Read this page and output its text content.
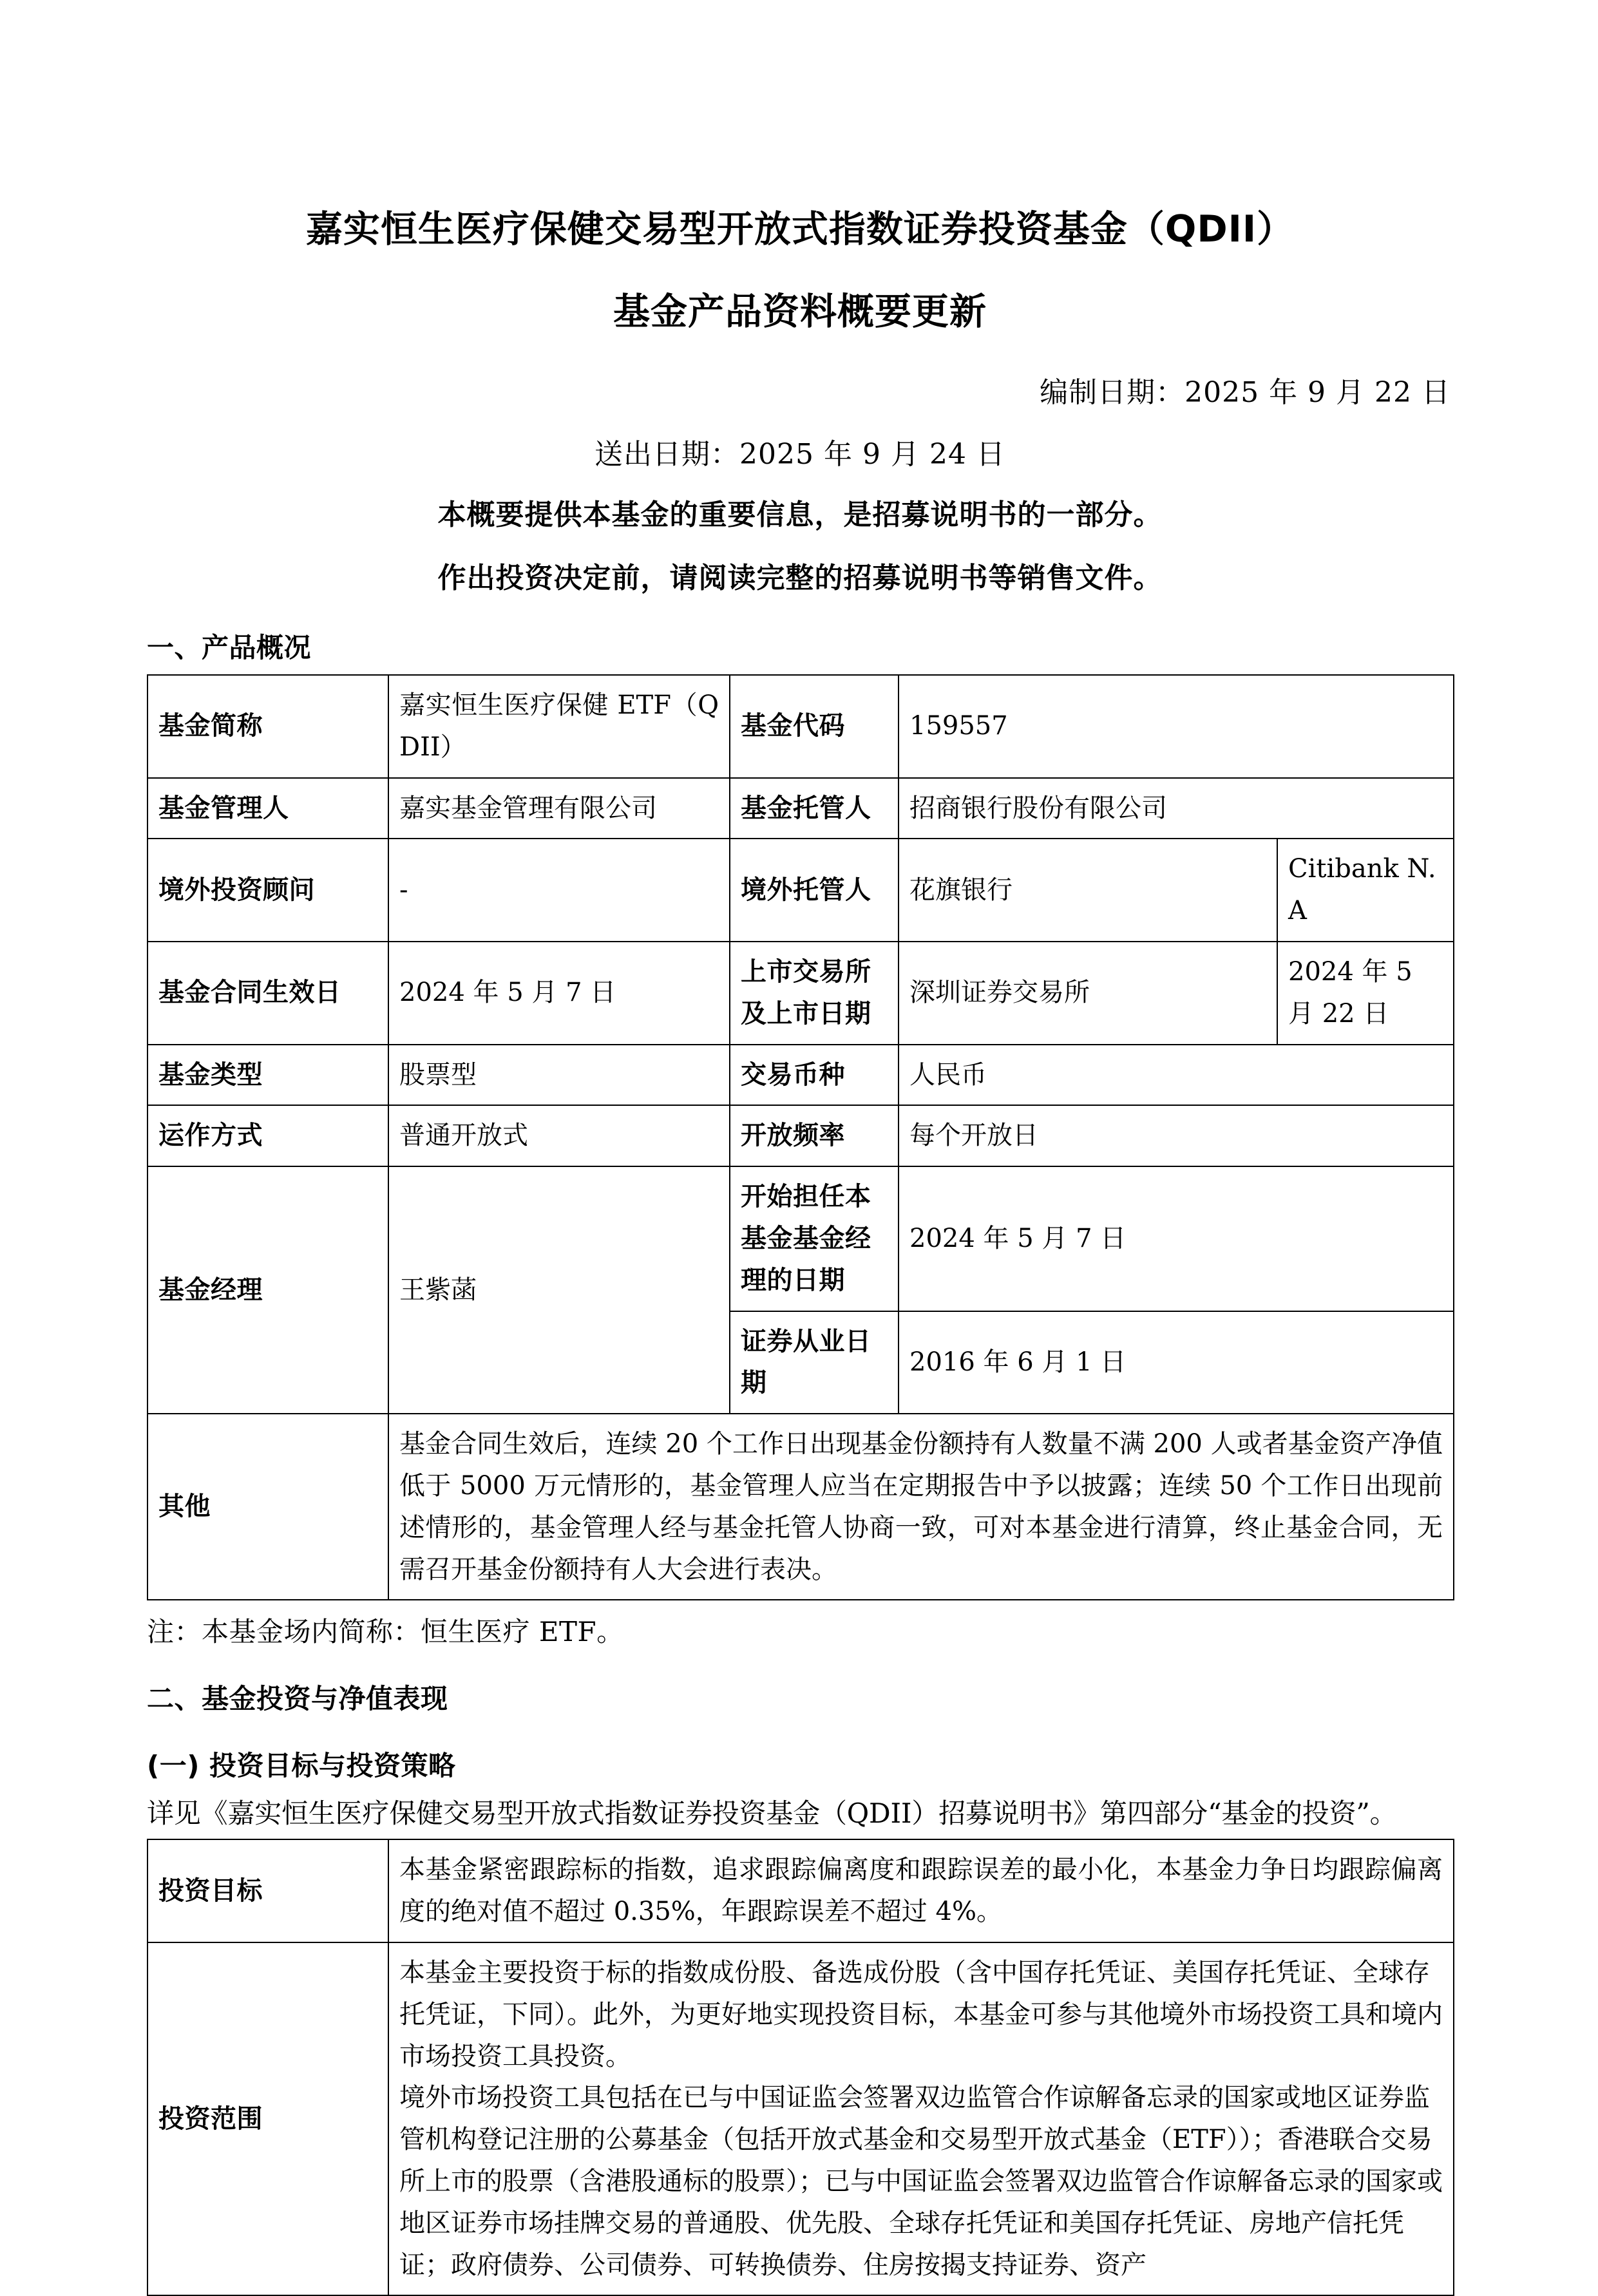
嘉实恒生医疗保健交易型开放式指数证券投资基金（QDII）
基金产品资料概要更新
编制日期：2025 年 9 月 22 日
送出日期：2025 年 9 月 24 日
本概要提供本基金的重要信息，是招募说明书的一部分。
作出投资决定前，请阅读完整的招募说明书等销售文件。
一、产品概况
基金简称	嘉实恒生医疗保健 ETF（QDII）	基金代码	159557	
基金管理人	嘉实基金管理有限公司	基金托管人	招商银行股份有限公司	
境外投资顾问	-	境外托管人	花旗银行	Citibank N.A
基金合同生效日	2024 年 5 月 7 日	上市交易所及上市日期	深圳证券交易所	2024 年 5 月 22 日
基金类型	股票型	交易币种	人民币	
运作方式	普通开放式	开放频率	每个开放日	
基金经理	王紫菡	开始担任本基金基金经理的日期	2024 年 5 月 7 日	
		证券从业日期	2016 年 6 月 1 日	
其他	基金合同生效后，连续 20 个工作日出现基金份额持有人数量不满 200 人或者基金资产净值低于 5000 万元情形的，基金管理人应当在定期报告中予以披露；连续 50 个工作日出现前述情形的，基金管理人经与基金托管人协商一致，可对本基金进行清算，终止基金合同，无需召开基金份额持有人大会进行表决。			
注：本基金场内简称：恒生医疗 ETF。
二、基金投资与净值表现
(一) 投资目标与投资策略
详见《嘉实恒生医疗保健交易型开放式指数证券投资基金（QDII）招募说明书》第四部分“基金的投资”。
投资目标	本基金紧密跟踪标的指数，追求跟踪偏离度和跟踪误差的最小化，本基金力争日均跟踪偏离度的绝对值不超过 0.35%，年跟踪误差不超过 4%。
投资范围	本基金主要投资于标的指数成份股、备选成份股（含中国存托凭证、美国存托凭证、全球存托凭证，下同）。此外，为更好地实现投资目标，本基金可参与其他境外市场投资工具和境内市场投资工具投资。
境外市场投资工具包括在已与中国证监会签署双边监管合作谅解备忘录的国家或地区证券监管机构登记注册的公募基金（包括开放式基金和交易型开放式基金（ETF））；香港联合交易所上市的股票（含港股通标的股票）；已与中国证监会签署双边监管合作谅解备忘录的国家或地区证券市场挂牌交易的普通股、优先股、全球存托凭证和美国存托凭证、房地产信托凭证；政府债券、公司债券、可转换债券、住房按揭支持证券、资产
